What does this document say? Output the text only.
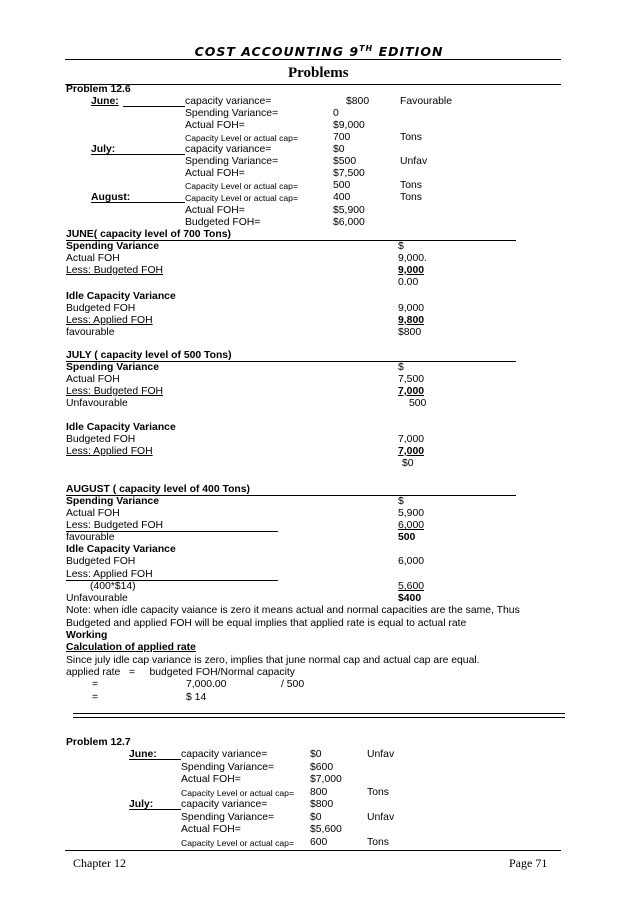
COST ACCOUNTING 9TH EDITION
Problems
Problem 12.6
June:	capacity variance=	$800	Favourable
Spending Variance=	0
Actual FOH=	$9,000
Capacity Level or actual cap=	700	Tons
July:	capacity variance=	$0
Spending Variance=	$500	Unfav
Actual FOH=	$7,500
Capacity Level or actual cap=	500	Tons
August:	Capacity Level or actual cap=	400	Tons
Actual FOH=	$5,900
Budgeted FOH=	$6,000
JUNE( capacity level of 700 Tons)
Spending Variance	$
Actual FOH	9,000.
Less: Budgeted FOH	9,000
0.00
Idle Capacity Variance
Budgeted FOH	9,000
Less: Applied FOH	9,800
favourable	$800
JULY ( capacity level of 500 Tons)
Spending Variance	$
Actual FOH	7,500
Less: Budgeted FOH	7,000
Unfavourable	500
Idle Capacity Variance
Budgeted FOH	7,000
Less: Applied FOH	7,000
$0
AUGUST ( capacity level of 400 Tons)
Spending Variance	$
Actual FOH	5,900
Less: Budgeted FOH	6,000
favourable	500
Idle Capacity Variance
Budgeted FOH	6,000
Less: Applied FOH
(400*$14)	5,600
Unfavourable	$400
Note: when idle capacity vaiance is zero it means actual and normal capacities are the same, Thus
Budgeted and applied FOH will be equal implies that applied rate is equal to actual rate
Working
Calculation of applied rate
Since july idle cap variance is zero, implies that june normal cap and actual cap are equal.
applied rate   =     budgeted FOH/Normal capacity
=	7,000.00	/ 500
=	$ 14
Problem 12.7
June: capacity variance=	$0	Unfav
Spending Variance=	$600
Actual FOH=	$7,000
Capacity Level or actual cap= 800	Tons
July:	capacity variance=	$800
Spending Variance=	$0	Unfav
Actual FOH=	$5,600
Capacity Level or actual cap= 600	Tons
Chapter 12	Page 71
